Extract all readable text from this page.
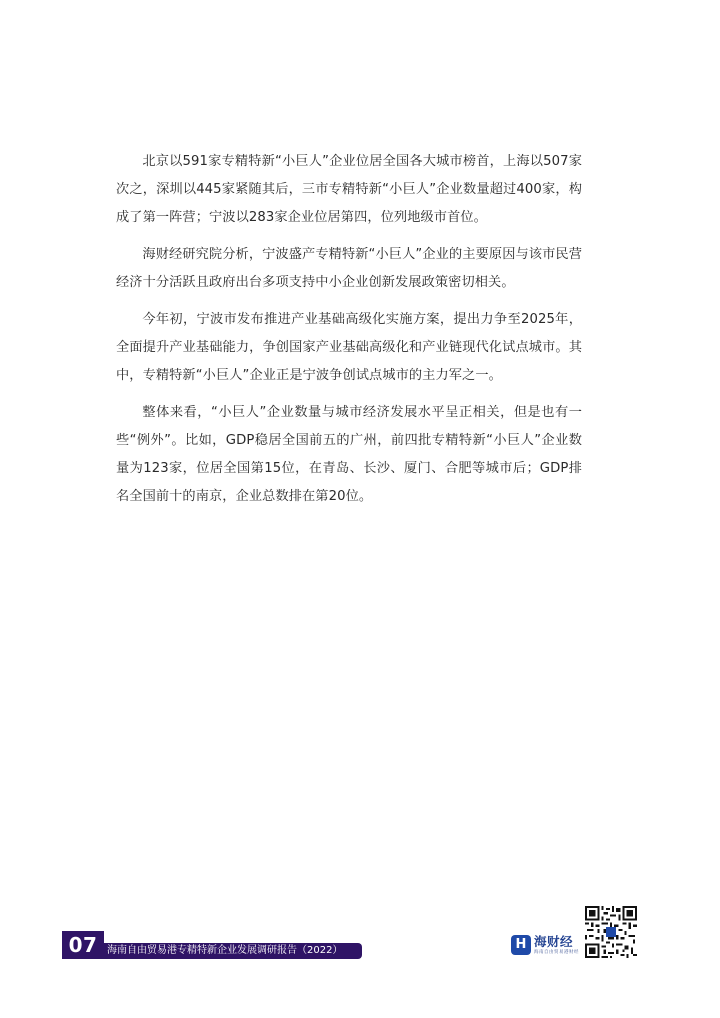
北京以591家专精特新“小巨人”企业位居全国各大城市榜首，上海以507家次之，深圳以445家紧随其后，三市专精特新“小巨人”企业数量超过400家，构成了第一阵营；宁波以283家企业位居第四，位列地级市首位。

海财经研究院分析，宁波盛产专精特新“小巨人”企业的主要原因与该市民营经济十分活跃且政府出台多项支持中小企业创新发展政策密切相关。

今年初，宁波市发布推进产业基础高级化实施方案，提出力争至2025年，全面提升产业基础能力，争创国家产业基础高级化和产业链现代化试点城市。其中，专精特新“小巨人”企业正是宁波争创试点城市的主力军之一。

整体来看，“小巨人”企业数量与城市经济发展水平呈正相关，但是也有一些“例外”。比如，GDP稳居全国前五的广州，前四批专精特新“小巨人”企业数量为123家，位居全国第15位，在青岛、长沙、厦门、合肥等城市后；GDP排名全国前十的南京，企业总数排在第20位。

07 海南自由贸易港专精特新企业发展调研报告（2022）	H 海财经
海南自由贸易港财经
